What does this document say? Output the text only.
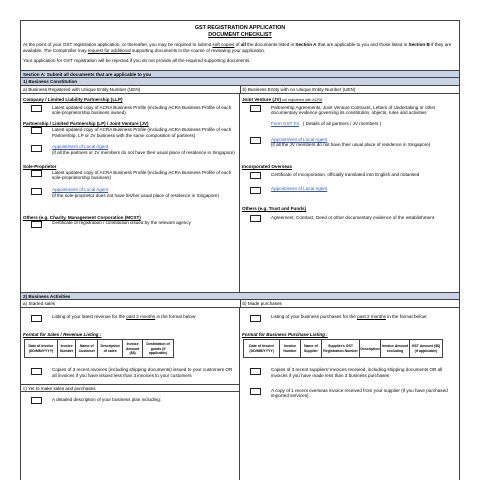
GST REGISTRATION APPLICATION
DOCUMENT CHECKLIST

At the point of your GST registration application, or thereafter, you may be required to submit soft copies of all the documents listed in Section A that are applicable to you and those listed in Section B if they are available. The Comptroller may request for additional supporting documents in the course of reviewing your application.

Your application for GST registration will be rejected if you do not provide all the required supporting documents.

Section A: Submit all documents that are applicable to you
1) Business Constitution
a) Business Registered with Unique Entity Number (UEN)	b) Business Entity with no Unique Entity Number (UEN)
Company / Limited Liability Partnership (LLP)
Latest updated copy of ACRA Business Profile (including ACRA Business Profile of each sole-proprietorship business owned)
Partnership / Limited Partnership (LP) / Joint Venture (JV)
Latest updated copy of ACRA Business Profile (including ACRA Business Profile of each Partnership, LP or JV business with the same composition of partners)
Appointment of Local Agent
(if all the partners or JV members do not have their usual place of residence in Singapore)
Sole-Proprietor
Latest updated copy of ACRA Business Profile (including ACRA Business Profile of each sole-proprietorship business)
Appointment of Local Agent
(if the sole-proprietor does not have his/her usual place of residence in Singapore)
Others (e.g. Charity, Management Corporation (MCST)
Certificate of registration / constitution issued by the relevant agency
Joint Venture (JV) not registered with ACRA
Partnership Agreements, Joint Venture Contracts, Letters of Undertaking or other documentary evidence governing its constitution, objects, rules and activities
Form GST F3 ( Details of all partners / JV members )
Appointment of Local Agent
(if all the JV members do not have their usual place of residence in Singapore)
Incorporated Overseas
Certificate of Incorporation, officially translated into English and notarised
Appointment of Local Agent
Others (e.g. Trust and Funds)
Agreement, Contract, Deed or other documentary evidence of the establishment
2) Business Activities
a) Started sales	b) Made purchases
Listing of your latest revenue for the past 2 months in the format below:
Format for Sales / Revenue Listing :
Date of Invoice (DD/MM/YYYY)	Invoice Number	Name of Customer	Description of sales	Invoice Amount ($$)	Destination of goods (if applicable)
Copies of 3 recent invoices (including shipping documents) issued to your customers OR all invoices if you have issued less than 3 invoices to your customers
c) Yet to make sales and purchases
A detailed description of your business plan including:
Listing of your business purchases for the past 2 months in the format below:
Format for Business Purchase Listing :
Date of Invoice (DD/MM/YYYY)	Invoice Number	Name of Supplier	Supplier's GST Registration Number	Description	Invoice Amount excluding	GST Amount ($$) (if applicable)
Copies of 3 recent suppliers' invoices received, including shipping documents OR all invoices if you have made less than 3 business purchases
A copy of 1 recent overseas invoice received from your supplier (if you have purchased imported services)
